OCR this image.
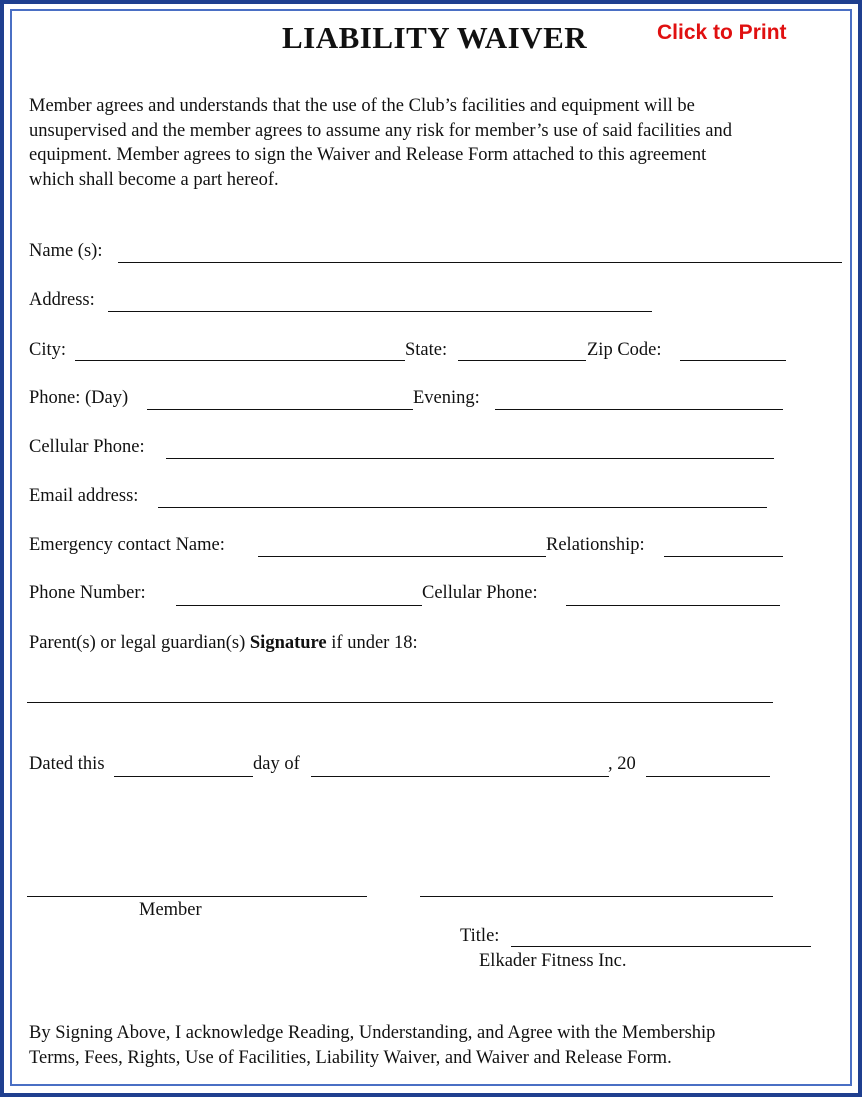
LIABILITY WAIVER	Click to Print
Member agrees and understands that the use of the Club’s facilities and equipment will be
unsupervised and the member agrees to assume any risk for member’s use of said facilities and
equipment. Member agrees to sign the Waiver and Release Form attached to this agreement
which shall become a part hereof.
Name (s):
Address:
City:	State:	Zip Code:
Phone: (Day)	Evening:
Cellular Phone:
Email address:
Emergency contact Name:	Relationship:
Phone Number:	Cellular Phone:
Parent(s) or legal guardian(s) Signature if under 18:
Dated this	day of	, 20
Member
Title:
Elkader Fitness Inc.
By Signing Above, I acknowledge Reading, Understanding, and Agree with the Membership
Terms, Fees, Rights, Use of Facilities, Liability Waiver, and Waiver and Release Form.
